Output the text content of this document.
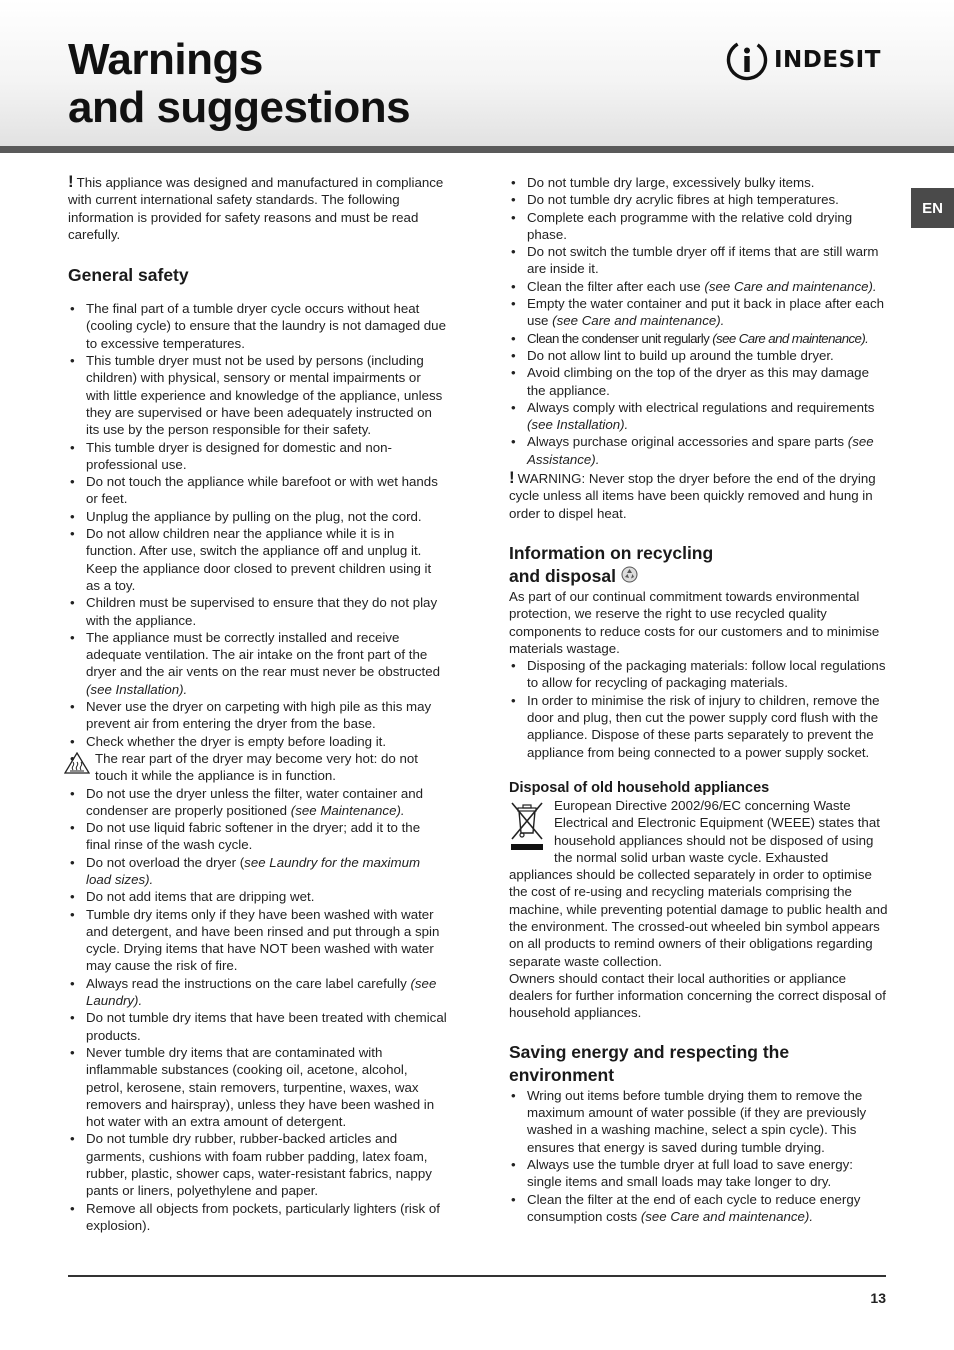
Warnings
and suggestions
INDESIT
EN

! This appliance was designed and manufactured in compliance with current international safety standards. The following information is provided for safety reasons and must be read carefully.

General safety
• The final part of a tumble dryer cycle occurs without heat (cooling cycle) to ensure that the laundry is not damaged due to excessive temperatures.
• This tumble dryer must not be used by persons (including children) with physical, sensory or mental impairments or with little experience and knowledge of the appliance, unless they are supervised or have been adequately instructed on its use by the person responsible for their safety.
• This tumble dryer is designed for domestic and non-professional use.
• Do not touch the appliance while barefoot or with wet hands or feet.
• Unplug the appliance by pulling on the plug, not the cord.
• Do not allow children near the appliance while it is in function. After use, switch the appliance off and unplug it. Keep the appliance door closed to prevent children using it as a toy.
• Children must be supervised to ensure that they do not play with the appliance.
• The appliance must be correctly installed and receive adequate ventilation. The air intake on the front part of the dryer and the air vents on the rear must never be obstructed (see Installation).
• Never use the dryer on carpeting with high pile as this may prevent air from entering the dryer from the base.
• Check whether the dryer is empty before loading it.
• The rear part of the dryer may become very hot: do not touch it while the appliance is in function.
• Do not use the dryer unless the filter, water container and condenser are properly positioned (see Maintenance).
• Do not use liquid fabric softener in the dryer; add it to the final rinse of the wash cycle.
• Do not overload the dryer (see Laundry for the maximum load sizes).
• Do not add items that are dripping wet.
• Tumble dry items only if they have been washed with water and detergent, and have been rinsed and put through a spin cycle. Drying items that have NOT been washed with water may cause the risk of fire.
• Always read the instructions on the care label carefully (see Laundry).
• Do not tumble dry items that have been treated with chemical products.
• Never tumble dry items that are contaminated with inflammable substances (cooking oil, acetone, alcohol, petrol, kerosene, stain removers, turpentine, waxes, wax removers and hairspray), unless they have been washed in hot water with an extra amount of detergent.
• Do not tumble dry rubber, rubber-backed articles and garments, cushions with foam rubber padding, latex foam, rubber, plastic, shower caps, water-resistant fabrics, nappy pants or liners, polyethylene and paper.
• Remove all objects from pockets, particularly lighters (risk of explosion).
• Do not tumble dry large, excessively bulky items.
• Do not tumble dry acrylic fibres at high temperatures.
• Complete each programme with the relative cold drying phase.
• Do not switch the tumble dryer off if items that are still warm are inside it.
• Clean the filter after each use (see Care and maintenance).
• Empty the water container and put it back in place after each use (see Care and maintenance).
• Clean the condenser unit regularly (see Care and maintenance).
• Do not allow lint to build up around the tumble dryer.
• Avoid climbing on the top of the dryer as this may damage the appliance.
• Always comply with electrical regulations and requirements (see Installation).
• Always purchase original accessories and spare parts (see Assistance).

! WARNING: Never stop the dryer before the end of the drying cycle unless all items have been quickly removed and hung in order to dispel heat.

Information on recycling
and disposal

As part of our continual commitment towards environmental protection, we reserve the right to use recycled quality components to reduce costs for our customers and to minimise materials wastage.

• Disposing of the packaging materials: follow local regulations to allow for recycling of packaging materials.
• In order to minimise the risk of injury to children, remove the door and plug, then cut the power supply cord flush with the appliance. Dispose of these parts separately to prevent the appliance from being connected to a power supply socket.
Disposal of old household appliances

European Directive 2002/96/EC concerning Waste Electrical and Electronic Equipment (WEEE) states that household appliances should not be disposed of using the normal solid urban waste cycle. Exhausted appliances should be collected separately in order to optimise the cost of re-using and recycling materials comprising the machine, while preventing potential damage to public health and the environment. The crossed-out wheeled bin symbol appears on all products to remind owners of their obligations regarding separate waste collection.

Owners should contact their local authorities or appliance dealers for further information concerning the correct disposal of household appliances.

Saving energy and respecting the environment
• Wring out items before tumble drying them to remove the maximum amount of water possible (if they are previously washed in a washing machine, select a spin cycle). This ensures that energy is saved during tumble drying.
• Always use the tumble dryer at full load to save energy: single items and small loads may take longer to dry.
• Clean the filter at the end of each cycle to reduce energy consumption costs (see Care and maintenance).
13
